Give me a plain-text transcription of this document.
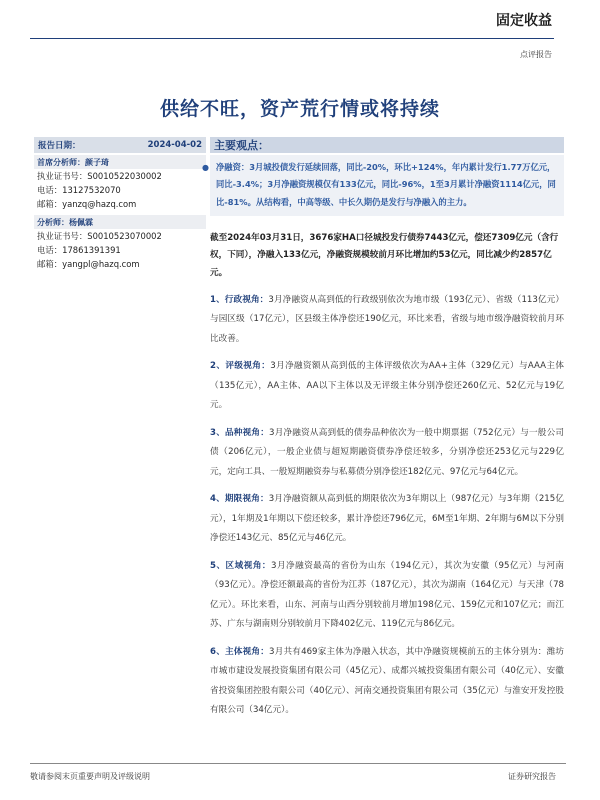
固定收益
点评报告
供给不旺，资产荒行情或将持续
报告日期：	2024-04-02
首席分析师： 颜子琦
执业证书号：S0010522030002
电话：13127532070
邮箱：yanzq@hazq.com
分析师： 杨佩霖
执业证书号：S0010523070002
电话：17861391391
邮箱：yangpl@hazq.com
主要观点：
● 净融资：3月城投债发行延续回落，同比-20%，环比+124%，年内累计发行1.77万亿元，同比-3.4%；3月净融资规模仅有133亿元，同比-96%，1至3月累计净融资1114亿元，同比-81%。从结构看，中高等级、中长久期仍是发行与净融入的主力。
截至2024年03月31日，3676家HA口径城投发行债券7443亿元，偿还7309亿元（含行权，下同），净融入133亿元，净融资规模较前月环比增加约53亿元，同比减少约2857亿元。
1、行政视角：3月净融资从高到低的行政级别依次为地市级（193亿元）、省级（113亿元）与园区级（17亿元），区县级主体净偿还190亿元，环比来看，省级与地市级净融资较前月环比改善。
2、评级视角：3月净融资额从高到低的主体评级依次为AA+主体（329亿元）与AAA主体（135亿元），AA主体、AA以下主体以及无评级主体分别净偿还260亿元、52亿元与19亿元。
3、品种视角：3月净融资从高到低的债券品种依次为一般中期票据（752亿元）与一般公司债（206亿元），一般企业债与超短期融资债券净偿还较多，分别净偿还253亿元与229亿元，定向工具、一般短期融资券与私募债分别净偿还182亿元、97亿元与64亿元。
4、期限视角：3月净融资额从高到低的期限依次为3年期以上（987亿元）与3年期（215亿元），1年期及1年期以下偿还较多，累计净偿还796亿元，6M至1年期、2年期与6M以下分别净偿还143亿元、85亿元与46亿元。
5、区域视角：3月净融资最高的省份为山东（194亿元），其次为安徽（95亿元）与河南（93亿元）。净偿还额最高的省份为江苏（187亿元），其次为湖南（164亿元）与天津（78亿元）。环比来看，山东、河南与山西分别较前月增加198亿元、159亿元和107亿元；而江苏、广东与湖南则分别较前月下降402亿元、119亿元与86亿元。
6、主体视角：3月共有469家主体为净融入状态，其中净融资规模前五的主体分别为：潍坊市城市建设发展投资集团有限公司（45亿元）、成都兴城投资集团有限公司（40亿元）、安徽省投资集团控股有限公司（40亿元）、河南交通投资集团有限公司（35亿元）与淮安开发控股有限公司（34亿元）。
敬请参阅末页重要声明及评级说明	证券研究报告
